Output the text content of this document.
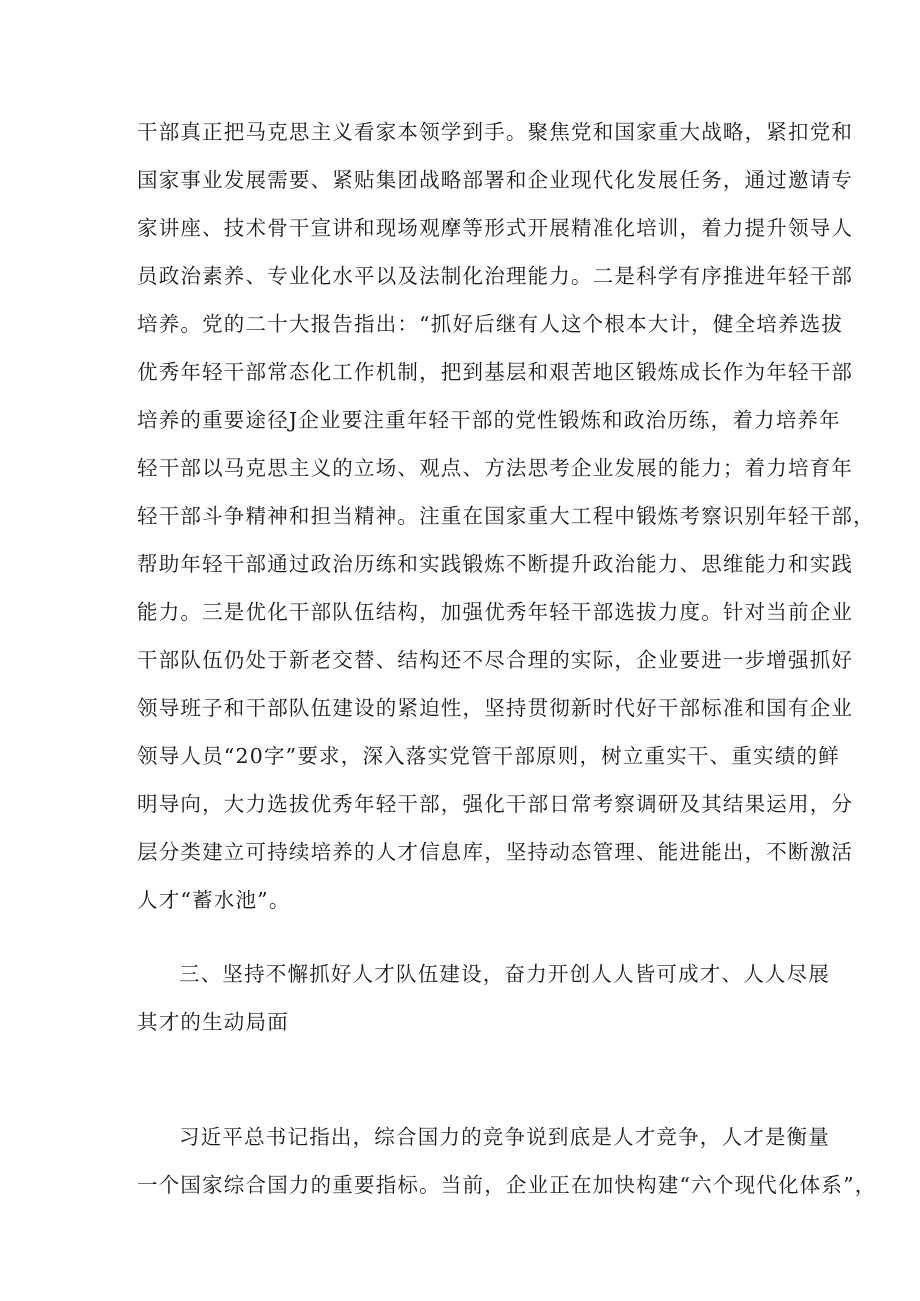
干部真正把马克思主义看家本领学到手。聚焦党和国家重大战略，紧扣党和
国家事业发展需要、紧贴集团战略部署和企业现代化发展任务，通过邀请专
家讲座、技术骨干宣讲和现场观摩等形式开展精准化培训，着力提升领导人
员政治素养、专业化水平以及法制化治理能力。二是科学有序推进年轻干部
培养。党的二十大报告指出：“抓好后继有人这个根本大计，健全培养选拔
优秀年轻干部常态化工作机制，把到基层和艰苦地区锻炼成长作为年轻干部
培养的重要途径J企业要注重年轻干部的党性锻炼和政治历练，着力培养年
轻干部以马克思主义的立场、观点、方法思考企业发展的能力；着力培育年
轻干部斗争精神和担当精神。注重在国家重大工程中锻炼考察识别年轻干部，
帮助年轻干部通过政治历练和实践锻炼不断提升政治能力、思维能力和实践
能力。三是优化干部队伍结构，加强优秀年轻干部选拔力度。针对当前企业
干部队伍仍处于新老交替、结构还不尽合理的实际，企业要进一步增强抓好
领导班子和干部队伍建设的紧迫性，坚持贯彻新时代好干部标准和国有企业
领导人员“20字”要求，深入落实党管干部原则，树立重实干、重实绩的鲜
明导向，大力选拔优秀年轻干部，强化干部日常考察调研及其结果运用，分
层分类建立可持续培养的人才信息库，坚持动态管理、能进能出，不断激活
人才“蓄水池”。
三、坚持不懈抓好人才队伍建设，奋力开创人人皆可成才、人人尽展
其才的生动局面
习近平总书记指出，综合国力的竞争说到底是人才竞争，人才是衡量
一个国家综合国力的重要指标。当前，企业正在加快构建“六个现代化体系”，
